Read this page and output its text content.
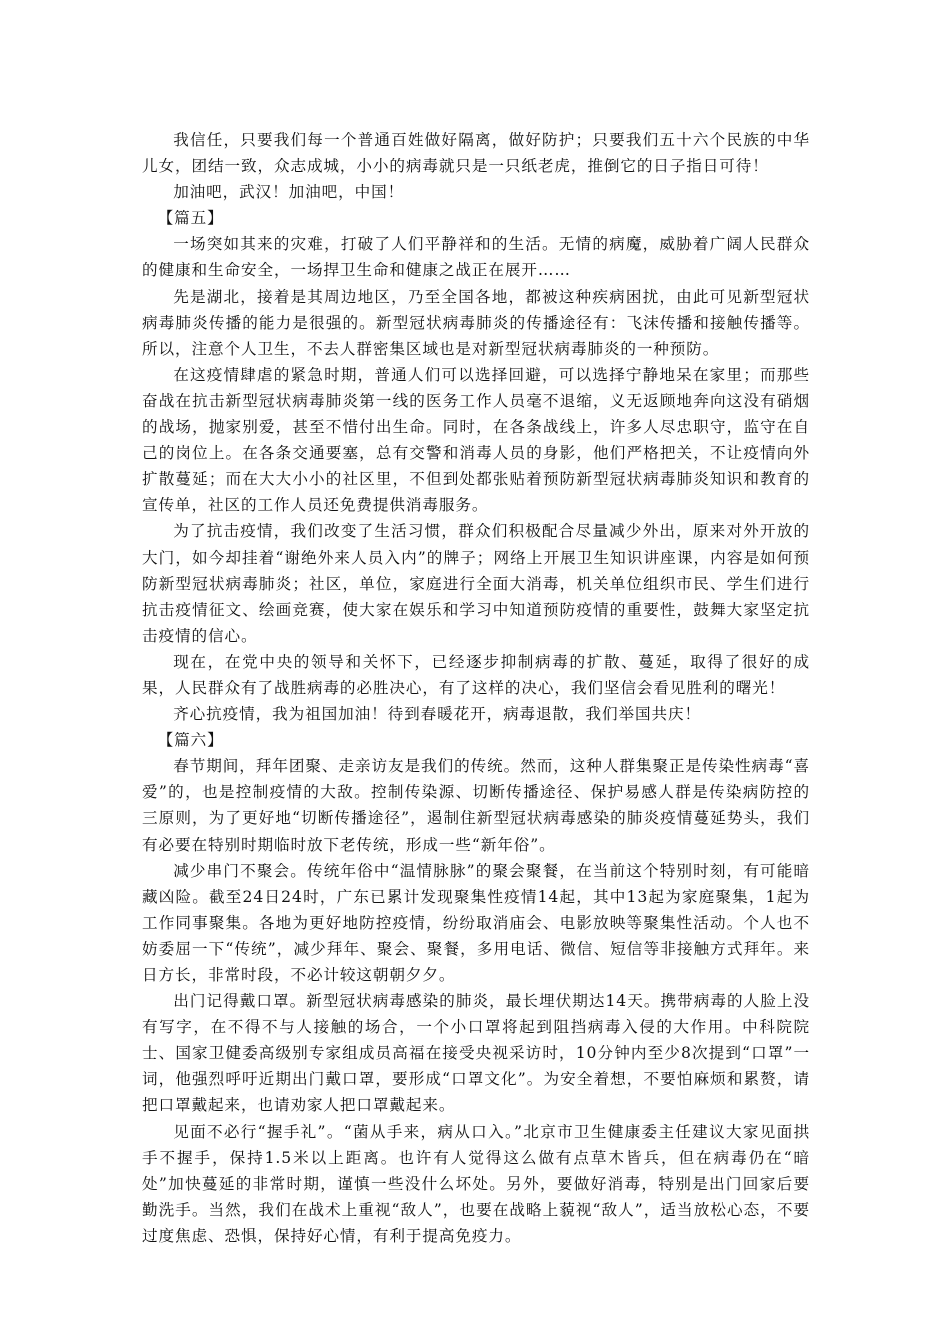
我信任，只要我们每一个普通百姓做好隔离，做好防护；只要我们五十六个民族的中华儿女，团结一致，众志成城，小小的病毒就只是一只纸老虎，推倒它的日子指日可待！

加油吧，武汉！加油吧，中国！

【篇五】

一场突如其来的灾难，打破了人们平静祥和的生活。无情的病魔，威胁着广阔人民群众的健康和生命安全，一场捍卫生命和健康之战正在展开……

先是湖北，接着是其周边地区，乃至全国各地，都被这种疾病困扰，由此可见新型冠状病毒肺炎传播的能力是很强的。新型冠状病毒肺炎的传播途径有：飞沫传播和接触传播等。所以，注意个人卫生，不去人群密集区域也是对新型冠状病毒肺炎的一种预防。

在这疫情肆虐的紧急时期，普通人们可以选择回避，可以选择宁静地呆在家里；而那些奋战在抗击新型冠状病毒肺炎第一线的医务工作人员毫不退缩，义无返顾地奔向这没有硝烟的战场，抛家别爱，甚至不惜付出生命。同时，在各条战线上，许多人尽忠职守，监守在自己的岗位上。在各条交通要塞，总有交警和消毒人员的身影，他们严格把关，不让疫情向外扩散蔓延；而在大大小小的社区里，不但到处都张贴着预防新型冠状病毒肺炎知识和教育的宣传单，社区的工作人员还免费提供消毒服务。

为了抗击疫情，我们改变了生活习惯，群众们积极配合尽量减少外出，原来对外开放的大门，如今却挂着“谢绝外来人员入内”的牌子；网络上开展卫生知识讲座课，内容是如何预防新型冠状病毒肺炎；社区，单位，家庭进行全面大消毒，机关单位组织市民、学生们进行抗击疫情征文、绘画竞赛，使大家在娱乐和学习中知道预防疫情的重要性，鼓舞大家坚定抗击疫情的信心。

现在，在党中央的领导和关怀下，已经逐步抑制病毒的扩散、蔓延，取得了很好的成果，人民群众有了战胜病毒的必胜决心，有了这样的决心，我们坚信会看见胜利的曙光！

齐心抗疫情，我为祖国加油！待到春暖花开，病毒退散，我们举国共庆！

【篇六】

春节期间，拜年团聚、走亲访友是我们的传统。然而，这种人群集聚正是传染性病毒“喜爱”的，也是控制疫情的大敌。控制传染源、切断传播途径、保护易感人群是传染病防控的三原则，为了更好地“切断传播途径”，遏制住新型冠状病毒感染的肺炎疫情蔓延势头，我们有必要在特别时期临时放下老传统，形成一些“新年俗”。

减少串门不聚会。传统年俗中“温情脉脉”的聚会聚餐，在当前这个特别时刻，有可能暗藏凶险。截至24日24时，广东已累计发现聚集性疫情14起，其中13起为家庭聚集，1起为工作同事聚集。各地为更好地防控疫情，纷纷取消庙会、电影放映等聚集性活动。个人也不妨委屈一下“传统”，减少拜年、聚会、聚餐，多用电话、微信、短信等非接触方式拜年。来日方长，非常时段，不必计较这朝朝夕夕。

出门记得戴口罩。新型冠状病毒感染的肺炎，最长埋伏期达14天。携带病毒的人脸上没有写字，在不得不与人接触的场合，一个小口罩将起到阻挡病毒入侵的大作用。中科院院士、国家卫健委高级别专家组成员高福在接受央视采访时，10分钟内至少8次提到“口罩”一词，他强烈呼吁近期出门戴口罩，要形成“口罩文化”。为安全着想，不要怕麻烦和累赘，请把口罩戴起来，也请劝家人把口罩戴起来。

见面不必行“握手礼”。“菌从手来，病从口入。”北京市卫生健康委主任建议大家见面拱手不握手，保持1.5米以上距离。也许有人觉得这么做有点草木皆兵，但在病毒仍在“暗处”加快蔓延的非常时期，谨慎一些没什么坏处。另外，要做好消毒，特别是出门回家后要勤洗手。当然，我们在战术上重视“敌人”，也要在战略上藐视“敌人”，适当放松心态，不要过度焦虑、恐惧，保持好心情，有利于提高免疫力。
